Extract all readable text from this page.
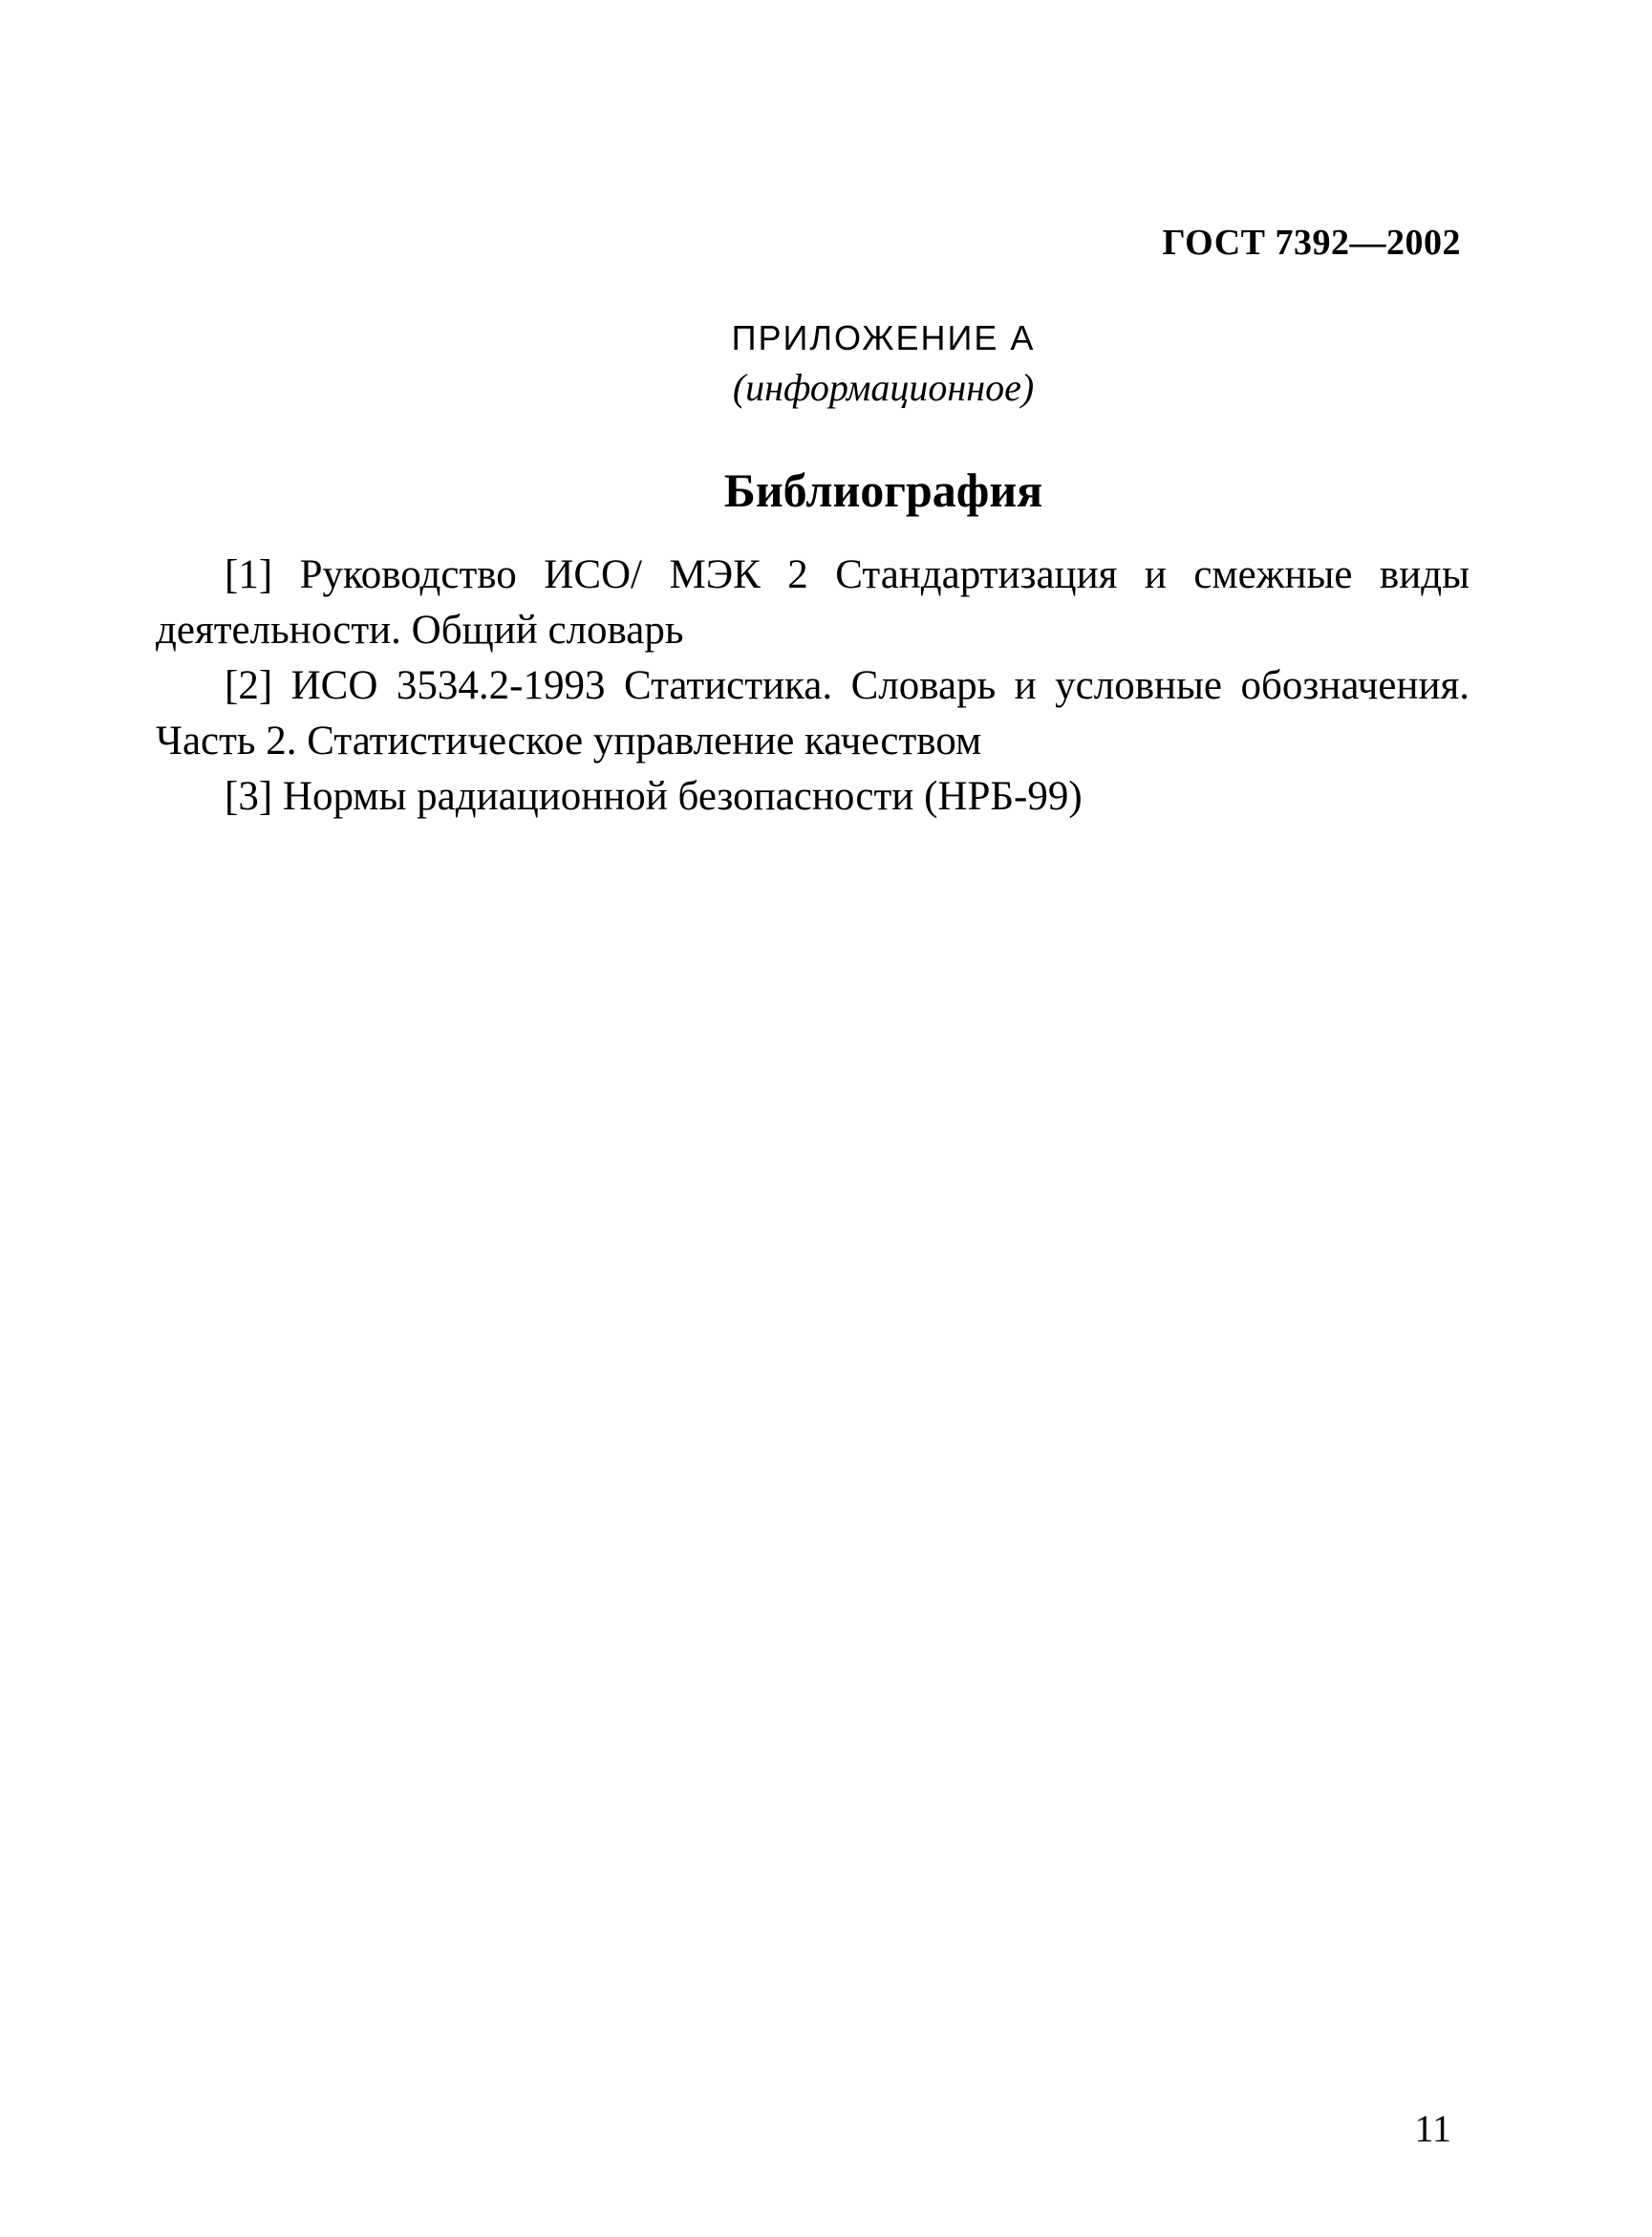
ГОСТ 7392—2002
ПРИЛОЖЕНИЕ А
(информационное)
Библиография
[1] Руководство ИСО/ МЭК 2 Стандартизация и смежные виды деятельности. Общий словарь
[2] ИСО 3534.2-1993 Статистика. Словарь и условные обозначения. Часть 2. Статистическое управление качеством
[3] Нормы радиационной безопасности (НРБ-99)
11
